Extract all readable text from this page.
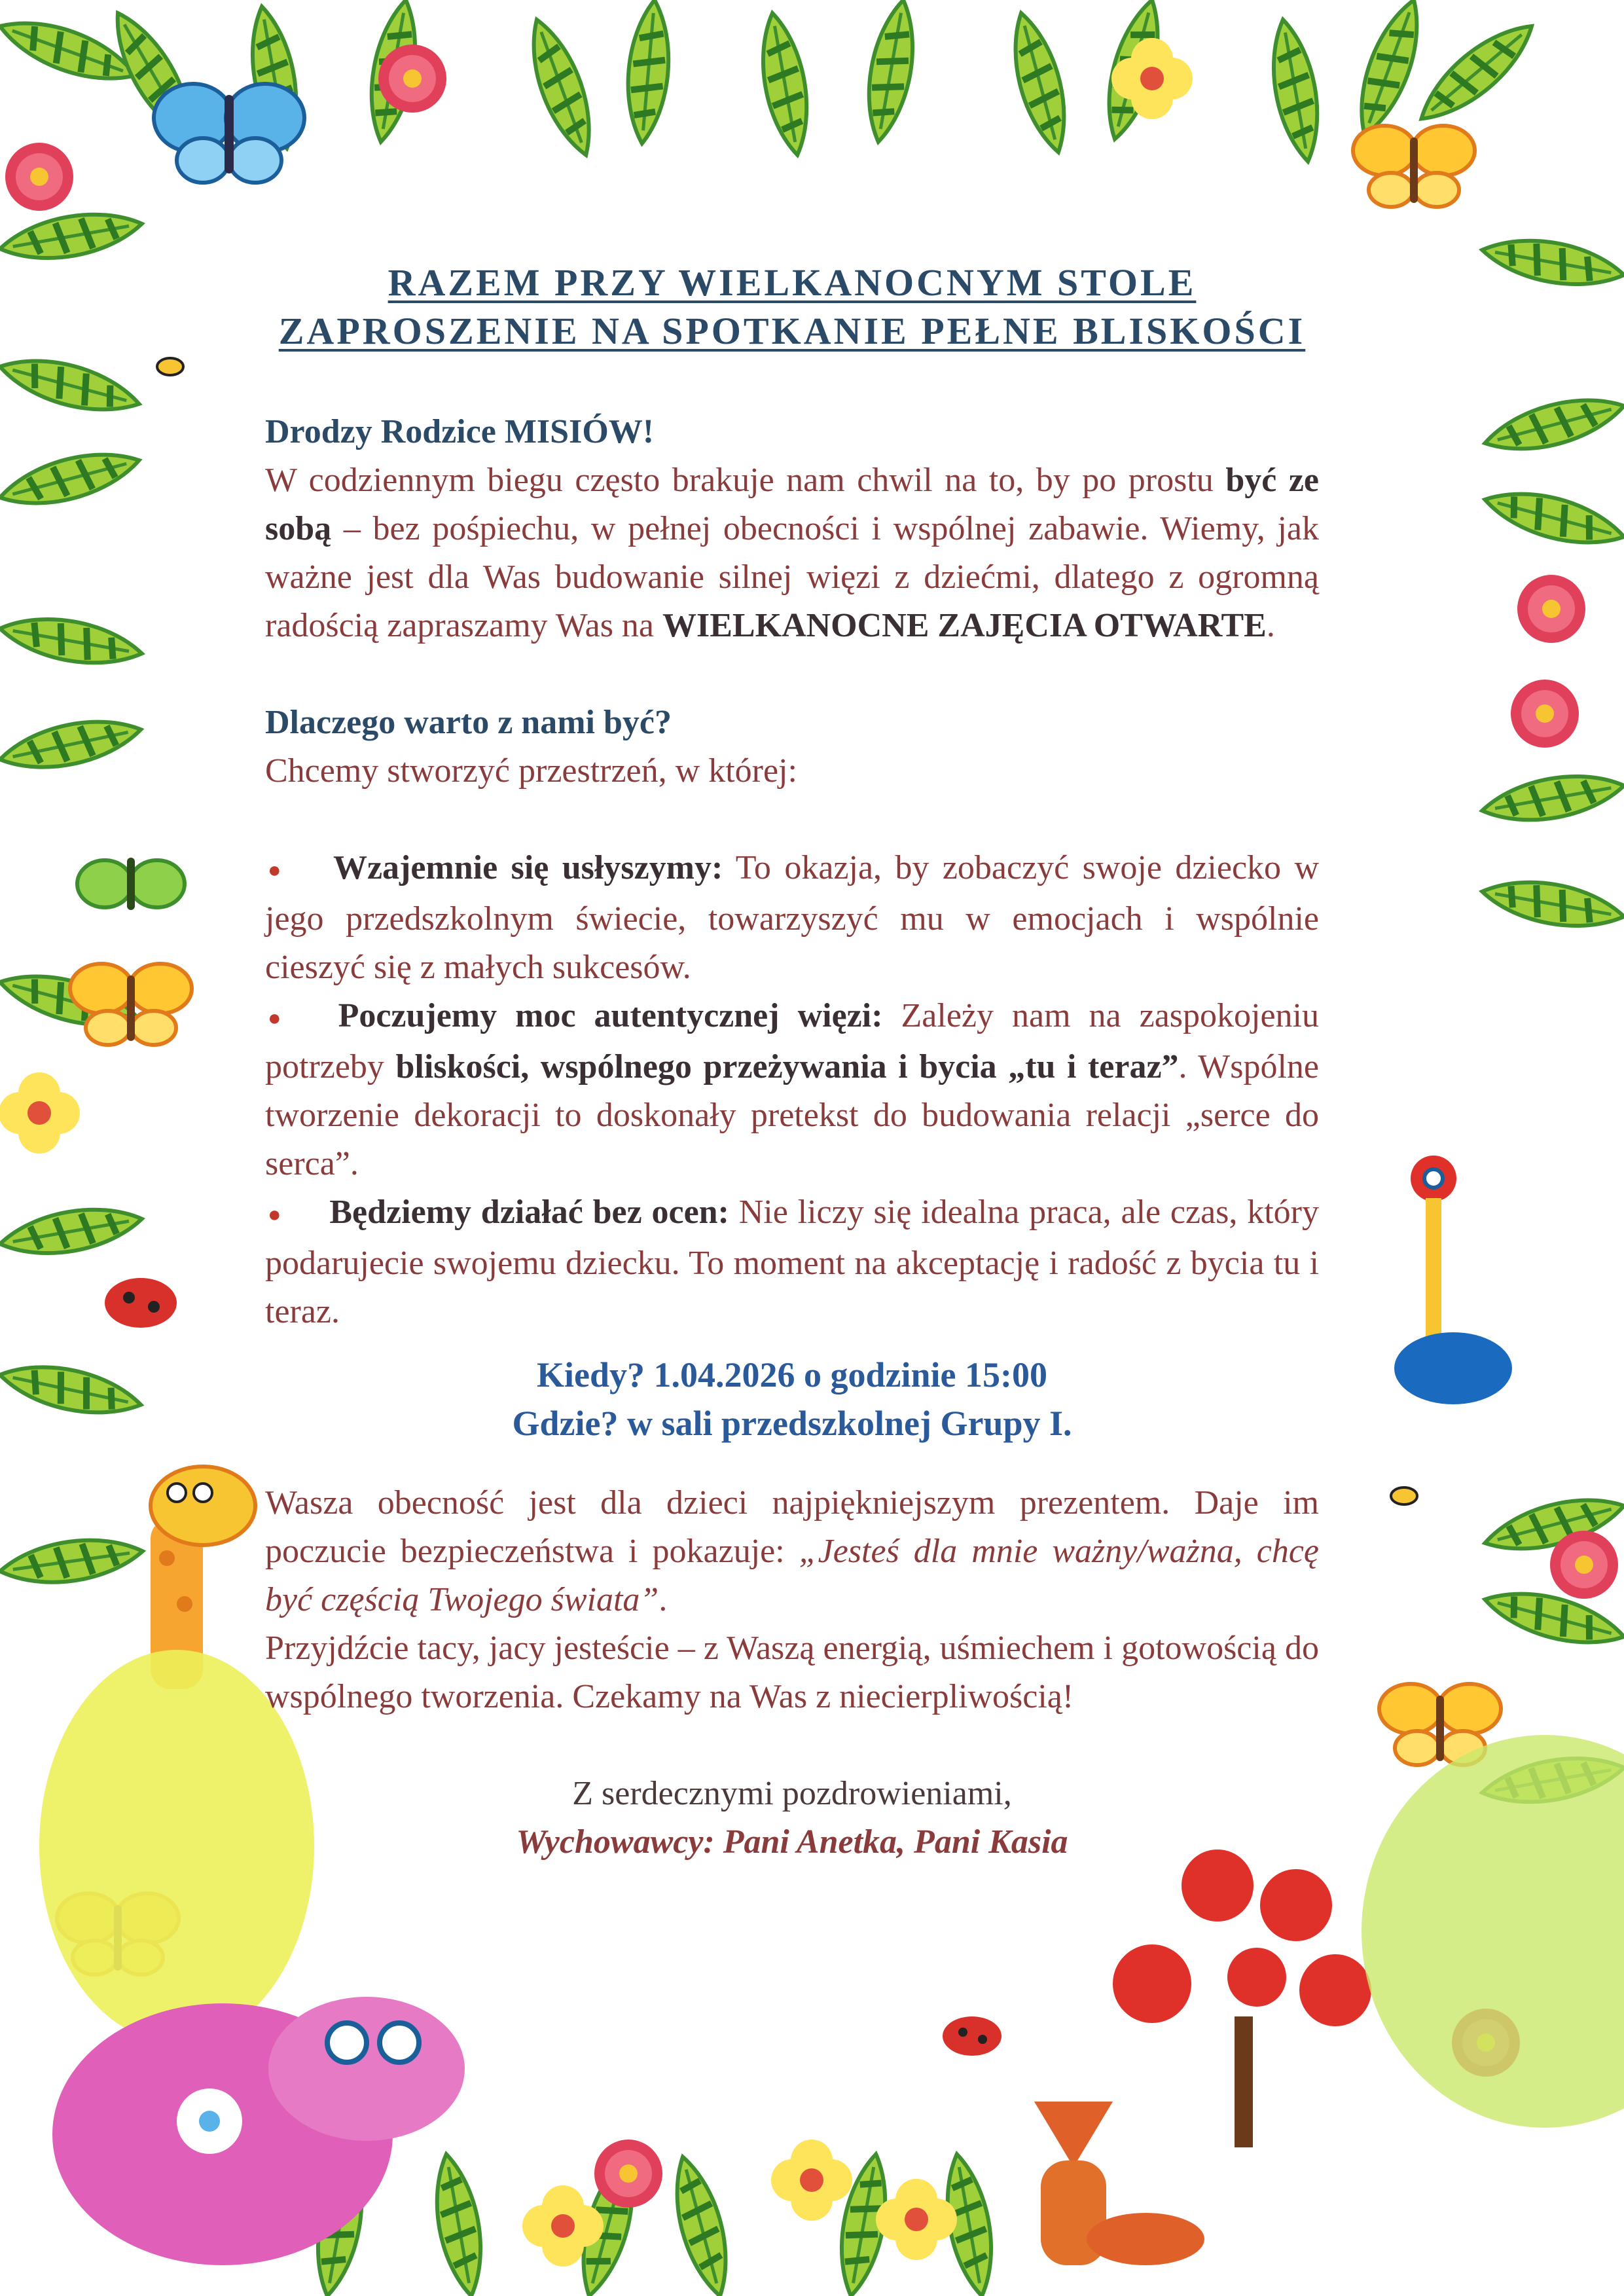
RAZEM PRZY WIELKANOCNYM STOLE

ZAPROSZENIE NA SPOTKANIE PEŁNE BLISKOŚCI

Drodzy Rodzice MISIÓW!

W codziennym biegu często brakuje nam chwil na to, by po prostu być ze sobą – bez pośpiechu, w pełnej obecności i wspólnej zabawie. Wiemy, jak ważne jest dla Was budowanie silnej więzi z dziećmi, dlatego z ogromną radością zapraszamy Was na WIELKANOCNE ZAJĘCIA OTWARTE.

Dlaczego warto z nami być?

Chcemy stworzyć przestrzeń, w której:

● Wzajemnie się usłyszymy: To okazja, by zobaczyć swoje dziecko w jego przedszkolnym świecie, towarzyszyć mu w emocjach i wspólnie cieszyć się z małych sukcesów.
● Poczujemy moc autentycznej więzi: Zależy nam na zaspokojeniu potrzeby bliskości, wspólnego przeżywania i bycia „tu i teraz”. Wspólne tworzenie dekoracji to doskonały pretekst do budowania relacji „serce do serca”.
● Będziemy działać bez ocen: Nie liczy się idealna praca, ale czas, który podarujecie swojemu dziecku. To moment na akceptację i radość z bycia tu i teraz.

Kiedy? 1.04.2026 o godzinie 15:00

Gdzie? w sali przedszkolnej Grupy I.

Wasza obecność jest dla dzieci najpiękniejszym prezentem. Daje im poczucie bezpieczeństwa i pokazuje: „Jesteś dla mnie ważny/ważna, chcę być częścią Twojego świata”.

Przyjdźcie tacy, jacy jesteście – z Waszą energią, uśmiechem i gotowością do wspólnego tworzenia. Czekamy na Was z niecierpliwością!

Z serdecznymi pozdrowieniami,

Wychowawcy: Pani Anetka, Pani Kasia
